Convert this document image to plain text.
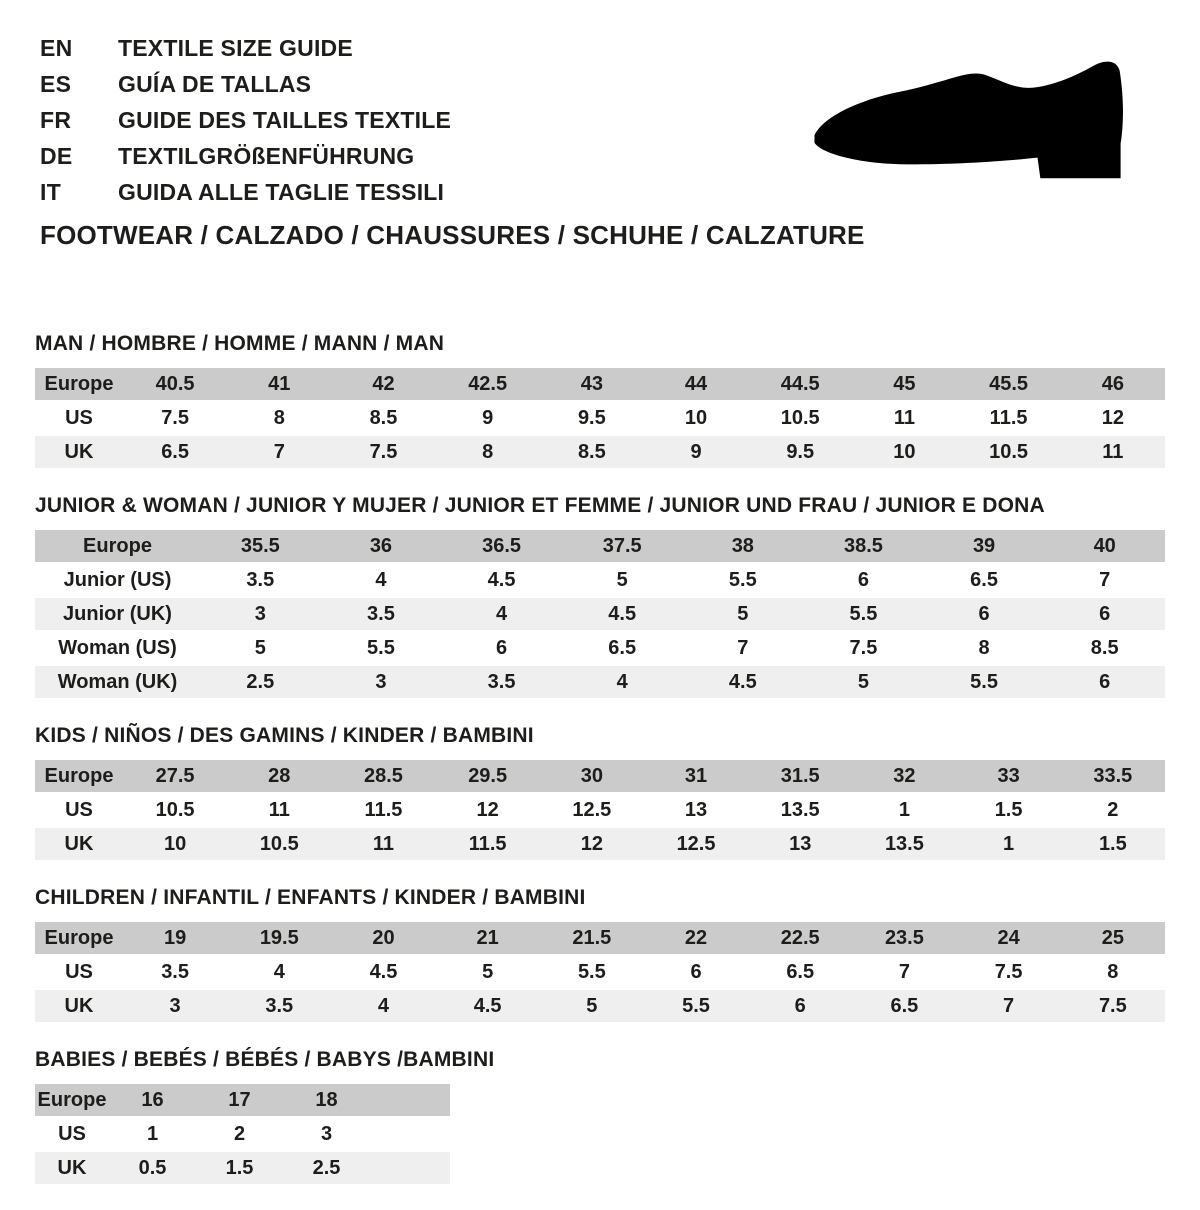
EN	TEXTILE SIZE GUIDE
ES	GUÍA DE TALLAS
FR	GUIDE DES TAILLES TEXTILE
DE	TEXTILGRÖßENFÜHRUNG
IT	GUIDA ALLE TAGLIE TESSILI

FOOTWEAR / CALZADO / CHAUSSURES / SCHUHE / CALZATURE

MAN / HOMBRE / HOMME / MANN / MAN
Europe	40.5	41	42	42.5	43	44	44.5	45	45.5	46
US	7.5	8	8.5	9	9.5	10	10.5	11	11.5	12
UK	6.5	7	7.5	8	8.5	9	9.5	10	10.5	11
JUNIOR & WOMAN / JUNIOR Y MUJER / JUNIOR ET FEMME / JUNIOR UND FRAU / JUNIOR E DONA
Europe	35.5	36	36.5	37.5	38	38.5	39	40
Junior (US)	3.5	4	4.5	5	5.5	6	6.5	7
Junior (UK)	3	3.5	4	4.5	5	5.5	6	6
Woman (US)	5	5.5	6	6.5	7	7.5	8	8.5
Woman (UK)	2.5	3	3.5	4	4.5	5	5.5	6
KIDS / NIÑOS / DES GAMINS / KINDER / BAMBINI
Europe	27.5	28	28.5	29.5	30	31	31.5	32	33	33.5
US	10.5	11	11.5	12	12.5	13	13.5	1	1.5	2
UK	10	10.5	11	11.5	12	12.5	13	13.5	1	1.5
CHILDREN / INFANTIL / ENFANTS / KINDER / BAMBINI
Europe	19	19.5	20	21	21.5	22	22.5	23.5	24	25
US	3.5	4	4.5	5	5.5	6	6.5	7	7.5	8
UK	3	3.5	4	4.5	5	5.5	6	6.5	7	7.5
BABIES / BEBÉS / BÉBÉS / BABYS /BAMBINI
Europe	16	17	18	
US	1	2	3	
UK	0.5	1.5	2.5	
